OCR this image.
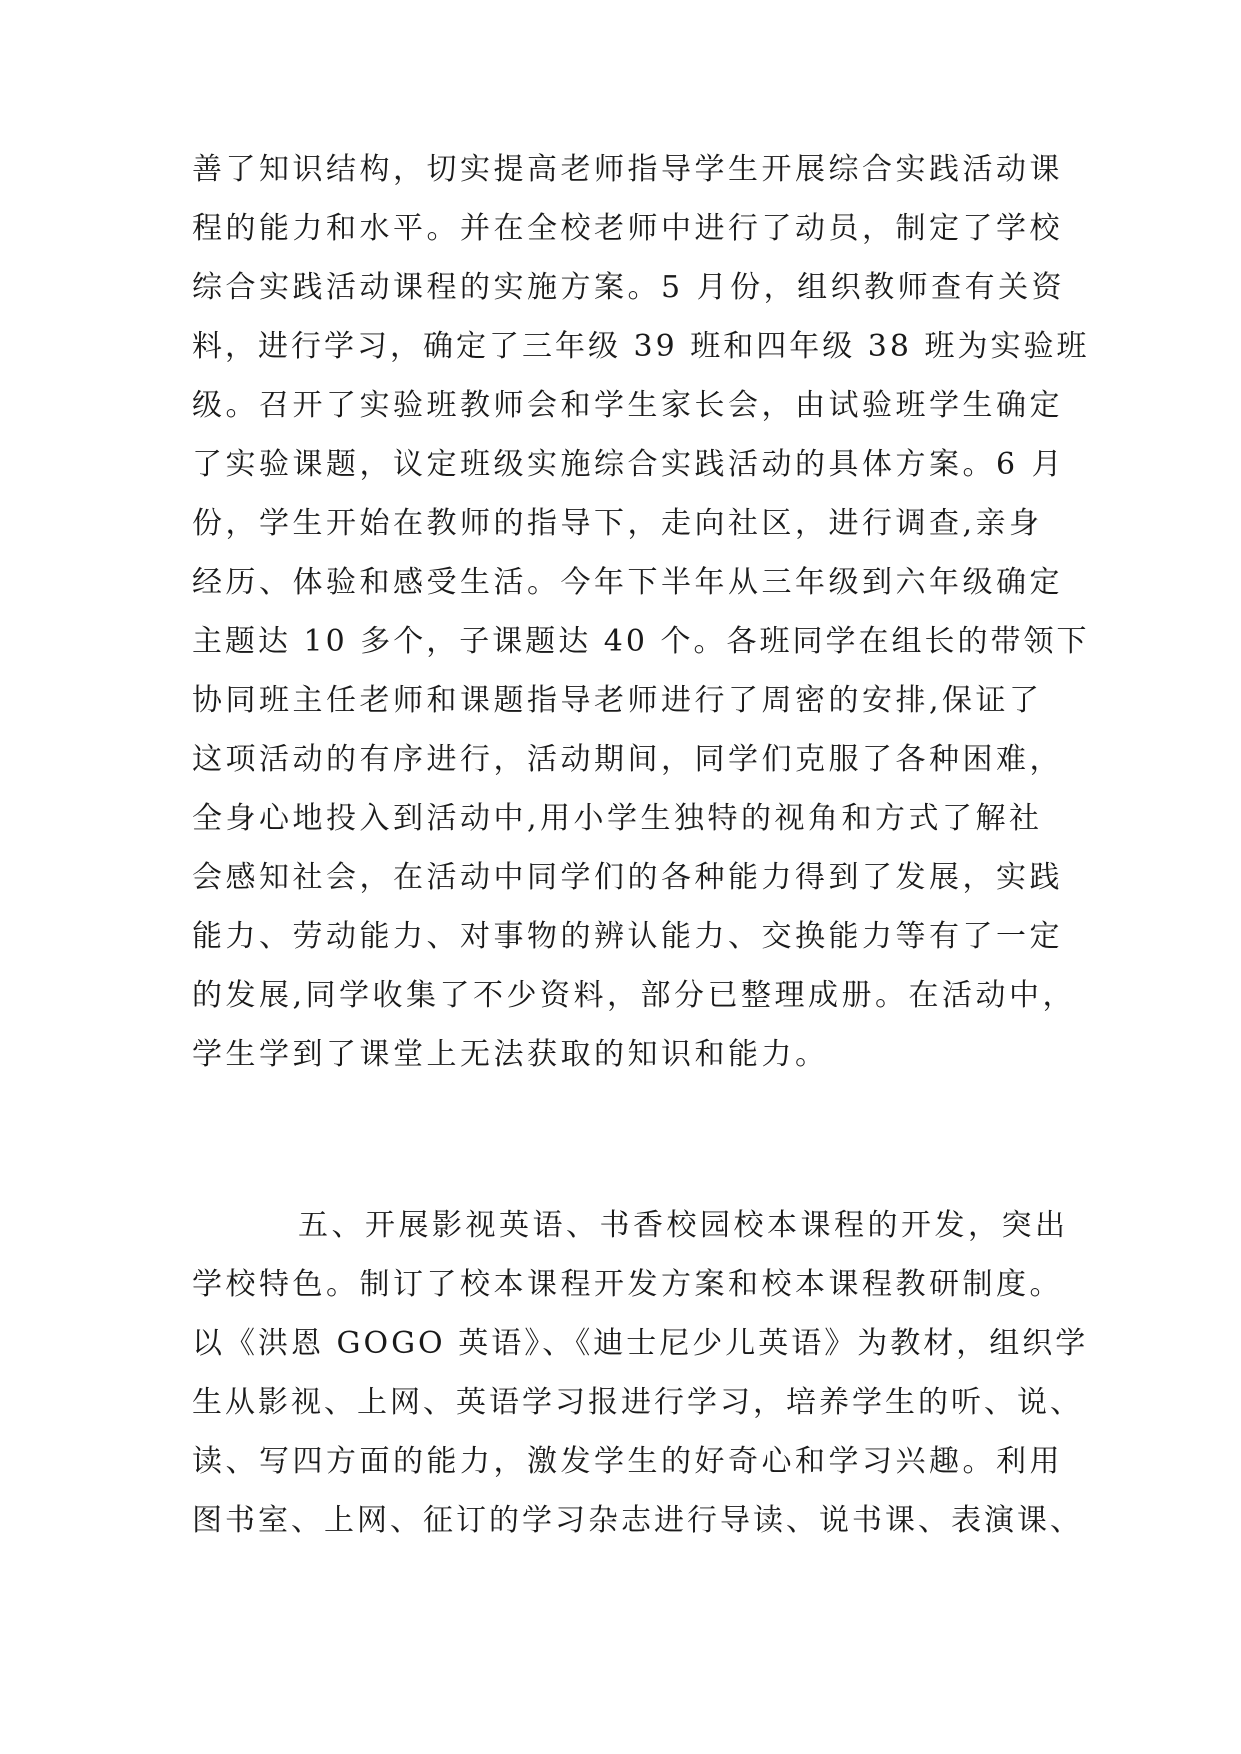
善了知识结构，切实提高老师指导学生开展综合实践活动课
程的能力和水平。并在全校老师中进行了动员，制定了学校
综合实践活动课程的实施方案。5 月份，组织教师查有关资
料，进行学习，确定了三年级 39 班和四年级 38 班为实验班
级。召开了实验班教师会和学生家长会，由试验班学生确定
了实验课题，议定班级实施综合实践活动的具体方案。6 月
份，学生开始在教师的指导下，走向社区，进行调查,亲身
经历、体验和感受生活。今年下半年从三年级到六年级确定
主题达 10 多个，子课题达 40 个。各班同学在组长的带领下
协同班主任老师和课题指导老师进行了周密的安排,保证了
这项活动的有序进行，活动期间，同学们克服了各种困难，
全身心地投入到活动中,用小学生独特的视角和方式了解社
会感知社会，在活动中同学们的各种能力得到了发展，实践
能力、劳动能力、对事物的辨认能力、交换能力等有了一定
的发展,同学收集了不少资料，部分已整理成册。在活动中，
学生学到了课堂上无法获取的知识和能力。
五、开展影视英语、书香校园校本课程的开发，突出
学校特色。制订了校本课程开发方案和校本课程教研制度。
以《洪恩 GOGO 英语》、《迪士尼少儿英语》为教材，组织学
生从影视、上网、英语学习报进行学习，培养学生的听、说、
读、写四方面的能力，激发学生的好奇心和学习兴趣。利用
图书室、上网、征订的学习杂志进行导读、说书课、表演课、
